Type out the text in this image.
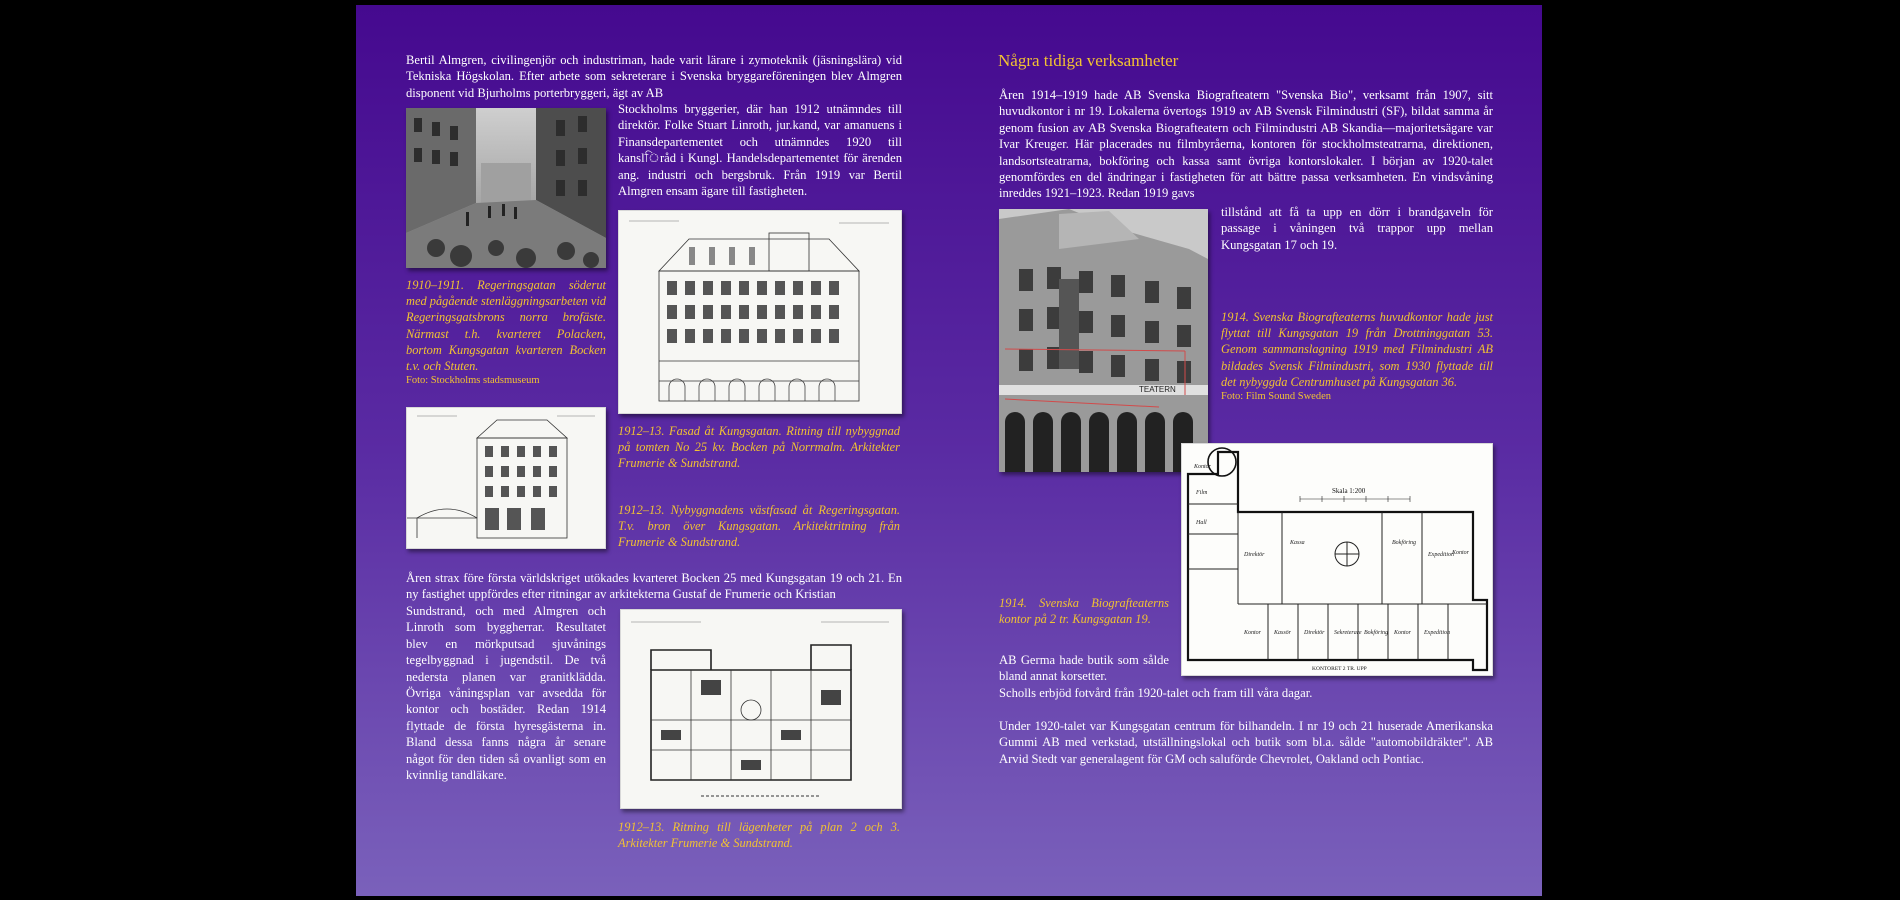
Bertil Almgren, civilingenjör och industriman, hade varit lärare i zymoteknik (jäsningslära) vid Tekniska Högskolan. Efter arbete som sekreterare i Svenska bryggareföreningen blev Almgren disponent vid Bjurholms porterbryggeri, ägt av AB

Stockholms bryggerier, där han 1912 utnämndes till direktör. Folke Stuart Linroth, jur.kand, var amanuens i Finansdepartementet och utnämndes 1920 till kanslিråd i Kungl. Handelsdepartementet för ärenden ang. industri och bergsbruk. Från 1919 var Bertil Almgren ensam ägare till fastigheten.

1910–1911. Regeringsgatan söderut med pågående stenläggningsarbeten vid Regeringsgatsbrons norra brofäste. Närmast t.h. kvarteret Polacken, bortom Kungsgatan kvarteren Bocken t.v. och Stuten.
Foto: Stockholms stadsmuseum

1912–13. Fasad åt Kungsgatan. Ritning till nybyggnad på tomten No 25 kv. Bocken på Norrmalm. Arkitekter Frumerie & Sundstrand.

1912–13. Nybyggnadens västfasad åt Regeringsgatan. T.v. bron över Kungsgatan. Arkitektritning från Frumerie & Sundstrand.

Åren strax före första världskriget utökades kvarteret Bocken 25 med Kungsgatan 19 och 21. En ny fastighet uppfördes efter ritningar av arkitekterna Gustaf de Frumerie och Kristian

Sundstrand, och med Almgren och Linroth som byggherrar. Resultatet blev en mörkputsad sjuvånings tegelbyggnad i jugendstil. De två nedersta planen var granitklädda. Övriga våningsplan var avsedda för kontor och bostäder. Redan 1914 flyttade de första hyresgästerna in. Bland dessa fanns några år senare något för den tiden så ovanligt som en kvinnlig tandläkare.

1912–13. Ritning till lägenheter på plan 2 och 3. Arkitekter Frumerie & Sundstrand.

Några tidiga verksamheter

Åren 1914–1919 hade AB Svenska Biografteatern "Svenska Bio", verksamt från 1907, sitt huvudkontor i nr 19. Lokalerna övertogs 1919 av AB Svensk Filmindustri (SF), bildat samma år genom fusion av AB Svenska Biografteatern och Filmindustri AB Skandia—majoritetsägare var Ivar Kreuger. Här placerades nu filmbyråerna, kontoren för stockholmsteatrarna, direktionen, landsortsteatrarna, bokföring och kassa samt övriga kontorslokaler. I början av 1920-talet genomfördes en del ändringar i fastigheten för att bättre passa verksamheten. En vindsvåning inreddes 1921–1923. Redan 1919 gavs

TEATERN

tillstånd att få ta upp en dörr i brandgaveln för passage i våningen två trappor upp mellan Kungsgatan 17 och 19.

1914. Svenska Biografteaterns huvudkontor hade just flyttat till Kungsgatan 19 från Drottninggatan 53. Genom sammanslagning 1919 med Filmindustri AB bildades Svensk Filmindustri, som 1930 flyttade till det nybyggda Centrumhuset på Kungsgatan 36.
Foto: Film Sound Sweden
Skala 1:200
KONTORET 2 TR. UPP
Kontor
Film
Hall
Direktör
Kassa	Bokföring
Expedition
Kontor
Kontor Kassör Direktör Sekreterare Bokföring Kontor Expedition

1914. Svenska Biografteaterns kontor på 2 tr. Kungsgatan 19.

AB Germa hade butik som sålde bland annat korsetter.

Scholls erbjöd fotvård från 1920-talet och fram till våra dagar.

Under 1920-talet var Kungsgatan centrum för bilhandeln. I nr 19 och 21 huserade Amerikanska Gummi AB med verkstad, utställningslokal och butik som bl.a. sålde "automobildräkter". AB Arvid Stedt var generalagent för GM och saluförde Chevrolet, Oakland och Pontiac.
